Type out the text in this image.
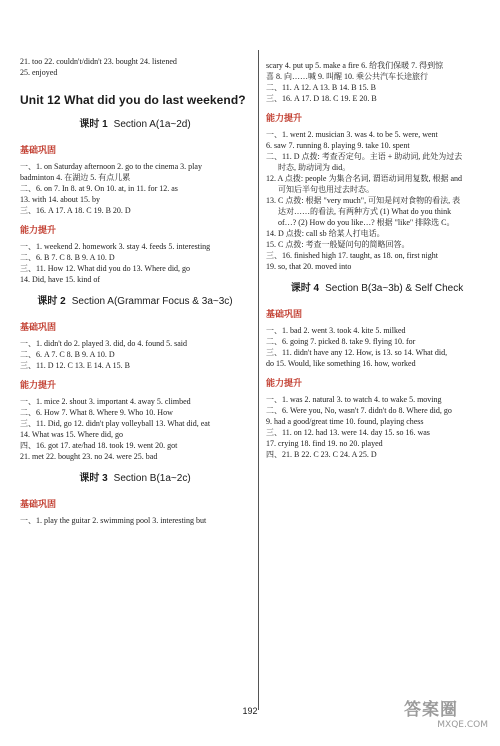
21. too 22. couldn't/didn't 23. bought 24. listened

25. enjoyed

Unit 12 What did you do last weekend?
课时 1 Section A(1a~2d)
基础巩固

一、1. on Saturday afternoon 2. go to the cinema 3. play

badminton 4. 在湖边 5. 有点儿累

二、6. on 7. In 8. at 9. On 10. at, in 11. for 12. as

13. with 14. about 15. by

三、16. A 17. A 18. C 19. B 20. D

能力提升

一、1. weekend 2. homework 3. stay 4. feeds 5. interesting

二、6. B 7. C 8. B 9. A 10. D

三、11. How 12. What did you do 13. Where did, go

14. Did, have 15. kind of

课时 2 Section A(Grammar Focus & 3a~3c)
基础巩固

一、1. didn't do 2. played 3. did, do 4. found 5. said

二、6. A 7. C 8. B 9. A 10. D

三、11. D 12. C 13. E 14. A 15. B

能力提升

一、1. mice 2. shout 3. important 4. away 5. climbed

二、6. How 7. What 8. Where 9. Who 10. How

三、11. Did, go 12. didn't play volleyball 13. What did, eat

14. What was 15. Where did, go

四、16. got 17. ate/had 18. took 19. went 20. got

21. met 22. bought 23. no 24. were 25. bad

课时 3 Section B(1a~2c)
基础巩固

一、1. play the guitar 2. swimming pool 3. interesting but

scary 4. put up 5. make a fire 6. 给我们保暖 7. 得到惊

喜 8. 向……喊 9. 叫醒 10. 乘公共汽车长途旅行

二、11. A 12. A 13. B 14. B 15. B

三、16. A 17. D 18. C 19. E 20. B

能力提升

一、1. went 2. musician 3. was 4. to be 5. were, went

6. saw 7. running 8. playing 9. take 10. spent

二、11. D 点拨: 考查否定句。主语 + 助动词, 此处为过去

时态, 助动词为 did。

12. A 点拨: people 为集合名词, 谓语动词用复数, 根据 and

可知后半句也用过去时态。

13. C 点拨: 根据 "very much", 可知是问对食物的看法, 表

达对……的看法, 有两种方式 (1) What do you think

of…? (2) How do you like…? 根据 "like" 排除选 C。

14. D 点拨: call sb 给某人打电话。

15. C 点拨: 考查一般疑问句的简略回答。

三、16. finished high 17. taught, as 18. on, first night

19. so, that 20. moved into

课时 4 Section B(3a~3b) & Self Check
基础巩固

一、1. bad 2. went 3. took 4. kite 5. milked

二、6. going 7. picked 8. take 9. flying 10. for

三、11. didn't have any 12. How, is 13. so 14. What did,

do 15. Would, like something 16. how, worked

能力提升

一、1. was 2. natural 3. to watch 4. to wake 5. moving

二、6. Were you, No, wasn't 7. didn't do 8. Where did, go

9. had a good/great time 10. found, playing chess

三、11. on 12. had 13. were 14. day 15. so 16. was

17. crying 18. find 19. no 20. played

四、21. B 22. C 23. C 24. A 25. D

192	答案圈
MXQE.COM
